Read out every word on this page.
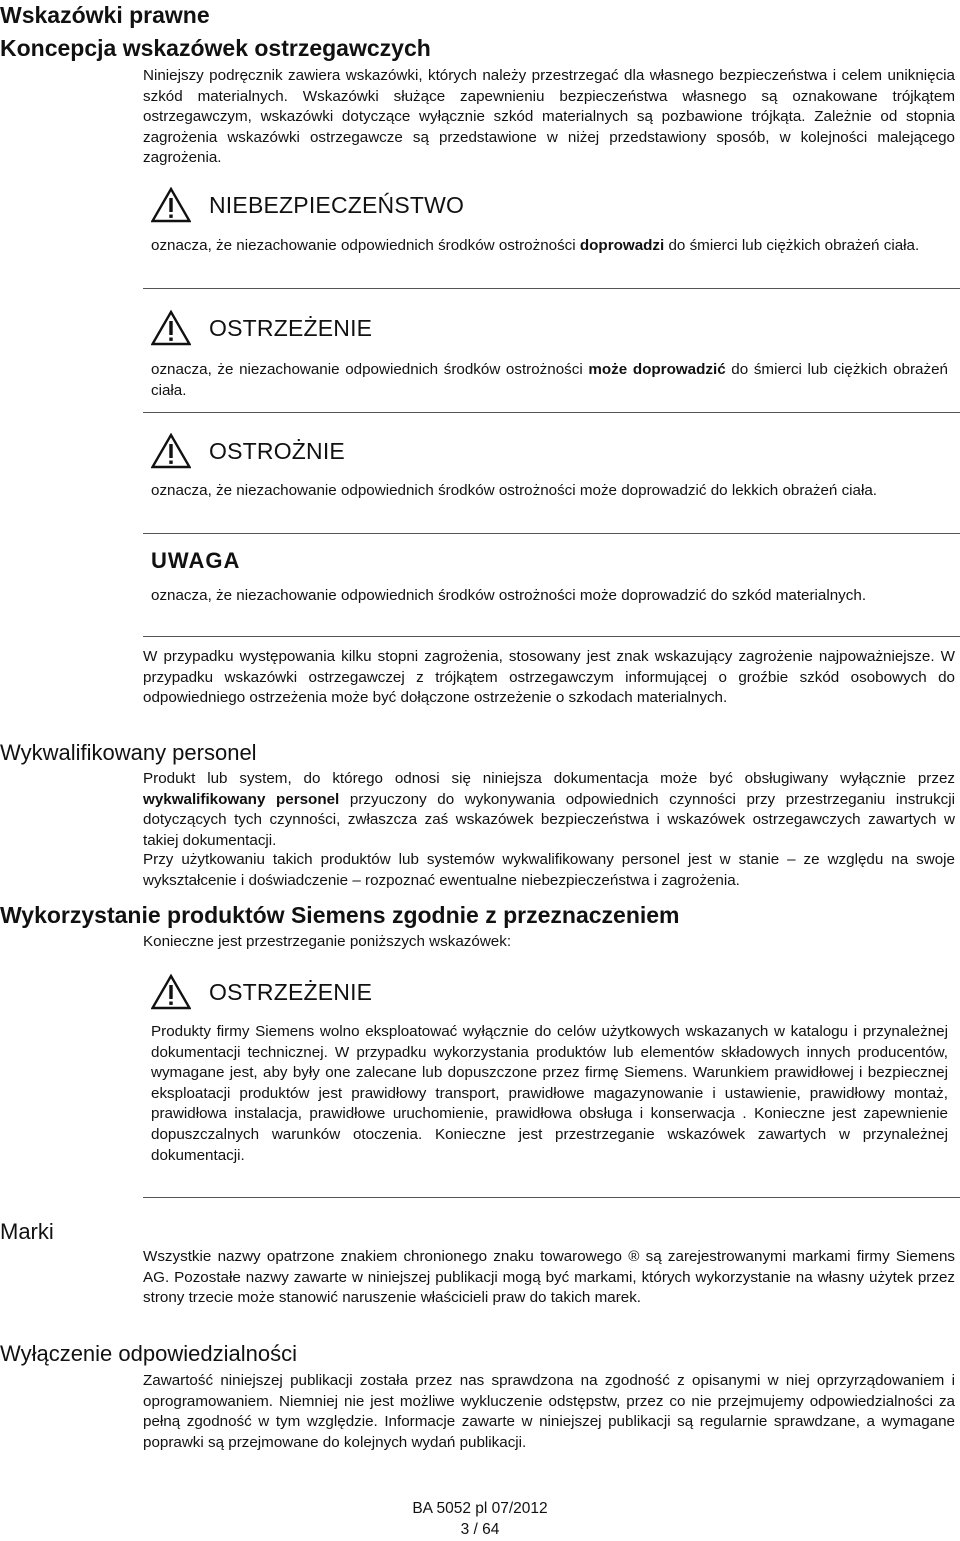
Wskazówki prawne
Koncepcja wskazówek ostrzegawczych
Niniejszy podręcznik zawiera wskazówki, których należy przestrzegać dla własnego bezpieczeństwa i celem uniknięcia szkód materialnych. Wskazówki służące zapewnieniu bezpieczeństwa własnego są oznakowane trójkątem ostrzegawczym, wskazówki dotyczące wyłącznie szkód materialnych są pozbawione trójkąta. Zależnie od stopnia zagrożenia wskazówki ostrzegawcze są przedstawione w niżej przedstawiony sposób, w kolejności malejącego zagrożenia.
NIEBEZPIECZEŃSTWO
oznacza, że niezachowanie odpowiednich środków ostrożności doprowadzi do śmierci lub ciężkich obrażeń ciała.
OSTRZEŻENIE
oznacza, że niezachowanie odpowiednich środków ostrożności może doprowadzić do śmierci lub ciężkich obrażeń ciała.
OSTROŻNIE
oznacza, że niezachowanie odpowiednich środków ostrożności może doprowadzić do lekkich obrażeń ciała.
UWAGA
oznacza, że niezachowanie odpowiednich środków ostrożności może doprowadzić do szkód materialnych.
W przypadku występowania kilku stopni zagrożenia, stosowany jest znak wskazujący zagrożenie najpoważniejsze. W przypadku wskazówki ostrzegawczej z trójkątem ostrzegawczym informującej o groźbie szkód osobowych do odpowiedniego ostrzeżenia może być dołączone ostrzeżenie o szkodach materialnych.
Wykwalifikowany personel
Produkt lub system, do którego odnosi się niniejsza dokumentacja może być obsługiwany wyłącznie przez wykwalifikowany personel przyuczony do wykonywania odpowiednich czynności przy przestrzeganiu instrukcji dotyczących tych czynności, zwłaszcza zaś wskazówek bezpieczeństwa i wskazówek ostrzegawczych zawartych w takiej dokumentacji.
Przy użytkowaniu takich produktów lub systemów wykwalifikowany personel jest w stanie – ze względu na swoje wykształcenie i doświadczenie – rozpoznać ewentualne niebezpieczeństwa i zagrożenia.
Wykorzystanie produktów Siemens zgodnie z przeznaczeniem
Konieczne jest przestrzeganie poniższych wskazówek:
OSTRZEŻENIE
Produkty firmy Siemens wolno eksploatować wyłącznie do celów użytkowych wskazanych w katalogu i przynależnej dokumentacji technicznej. W przypadku wykorzystania produktów lub elementów składowych innych producentów, wymagane jest, aby były one zalecane lub dopuszczone przez firmę Siemens. Warunkiem prawidłowej i bezpiecznej eksploatacji produktów jest prawidłowy transport, prawidłowe magazynowanie i ustawienie, prawidłowy montaż, prawidłowa instalacja, prawidłowe uruchomienie, prawidłowa obsługa i konserwacja . Konieczne jest zapewnienie dopuszczalnych warunków otoczenia. Konieczne jest przestrzeganie wskazówek zawartych w przynależnej dokumentacji.
Marki
Wszystkie nazwy opatrzone znakiem chronionego znaku towarowego ® są zarejestrowanymi markami firmy Siemens AG. Pozostałe nazwy zawarte w niniejszej publikacji mogą być markami, których wykorzystanie na własny użytek przez strony trzecie może stanowić naruszenie właścicieli praw do takich marek.
Wyłączenie odpowiedzialności
Zawartość niniejszej publikacji została przez nas sprawdzona na zgodność z opisanymi w niej oprzyrządowaniem i oprogramowaniem. Niemniej nie jest możliwe wykluczenie odstępstw, przez co nie przejmujemy odpowiedzialności za pełną zgodność w tym względzie. Informacje zawarte w niniejszej publikacji są regularnie sprawdzane, a wymagane poprawki są przejmowane do kolejnych wydań publikacji.
BA 5052 pl 07/2012
3 / 64
